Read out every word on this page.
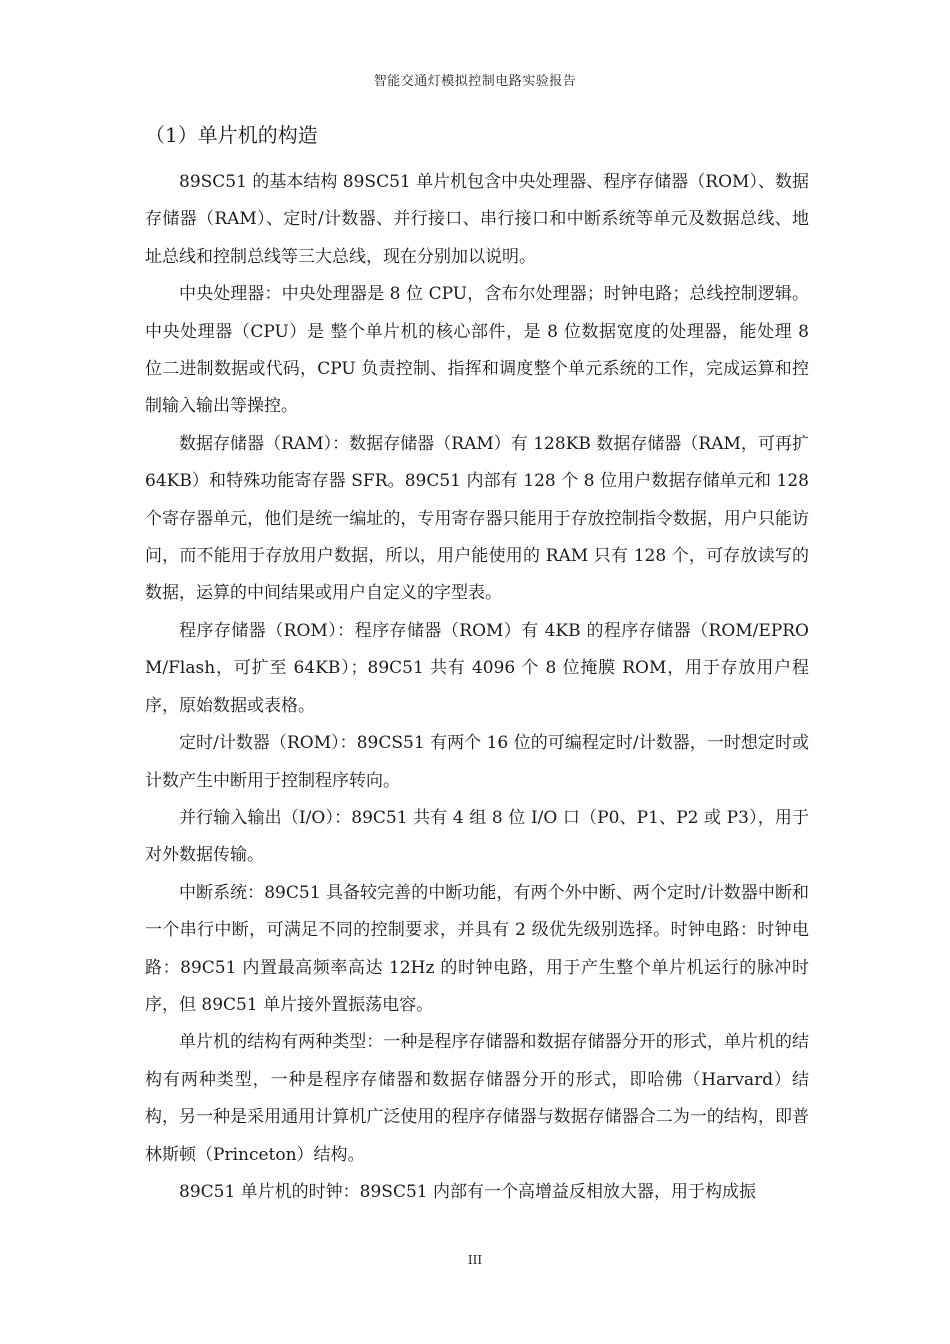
智能交通灯模拟控制电路实验报告
（1）单片机的构造

89SC51 的基本结构 89SC51 单片机包含中央处理器、程序存储器（ROM）、数据存储器（RAM）、定时/计数器、并行接口、串行接口和中断系统等单元及数据总线、地址总线和控制总线等三大总线，现在分别加以说明。

中央处理器：中央处理器是 8 位 CPU，含布尔处理器；时钟电路；总线控制逻辑。中央处理器（CPU）是 整个单片机的核心部件，是 8 位数据宽度的处理器，能处理 8 位二进制数据或代码，CPU 负责控制、指挥和调度整个单元系统的工作，完成运算和控制输入输出等操控。

数据存储器（RAM）：数据存储器（RAM）有 128KB 数据存储器（RAM，可再扩 64KB）和特殊功能寄存器 SFR。89C51 内部有 128 个 8 位用户数据存储单元和 128 个寄存器单元，他们是统一编址的，专用寄存器只能用于存放控制指令数据，用户只能访问，而不能用于存放用户数据，所以，用户能使用的 RAM 只有 128 个，可存放读写的数据，运算的中间结果或用户自定义的字型表。

程序存储器（ROM）：程序存储器（ROM）有 4KB 的程序存储器（ROM/EPROM/Flash，可扩至 64KB）；89C51 共有 4096 个 8 位掩膜 ROM，用于存放用户程序，原始数据或表格。

定时/计数器（ROM）：89CS51 有两个 16 位的可编程定时/计数器，一时想定时或计数产生中断用于控制程序转向。

并行输入输出（I/O）：89C51 共有 4 组 8 位 I/O 口（P0、P1、P2 或 P3），用于对外数据传输。

中断系统：89C51 具备较完善的中断功能，有两个外中断、两个定时/计数器中断和一个串行中断，可满足不同的控制要求，并具有 2 级优先级别选择。时钟电路：时钟电路：89C51 内置最高频率高达 12Hz 的时钟电路，用于产生整个单片机运行的脉冲时序，但 89C51 单片接外置振荡电容。

单片机的结构有两种类型：一种是程序存储器和数据存储器分开的形式，单片机的结构有两种类型，一种是程序存储器和数据存储器分开的形式，即哈佛（Harvard）结构，另一种是采用通用计算机广泛使用的程序存储器与数据存储器合二为一的结构，即普林斯顿（Princeton）结构。

89C51 单片机的时钟：89SC51 内部有一个高增益反相放大器，用于构成振

III
